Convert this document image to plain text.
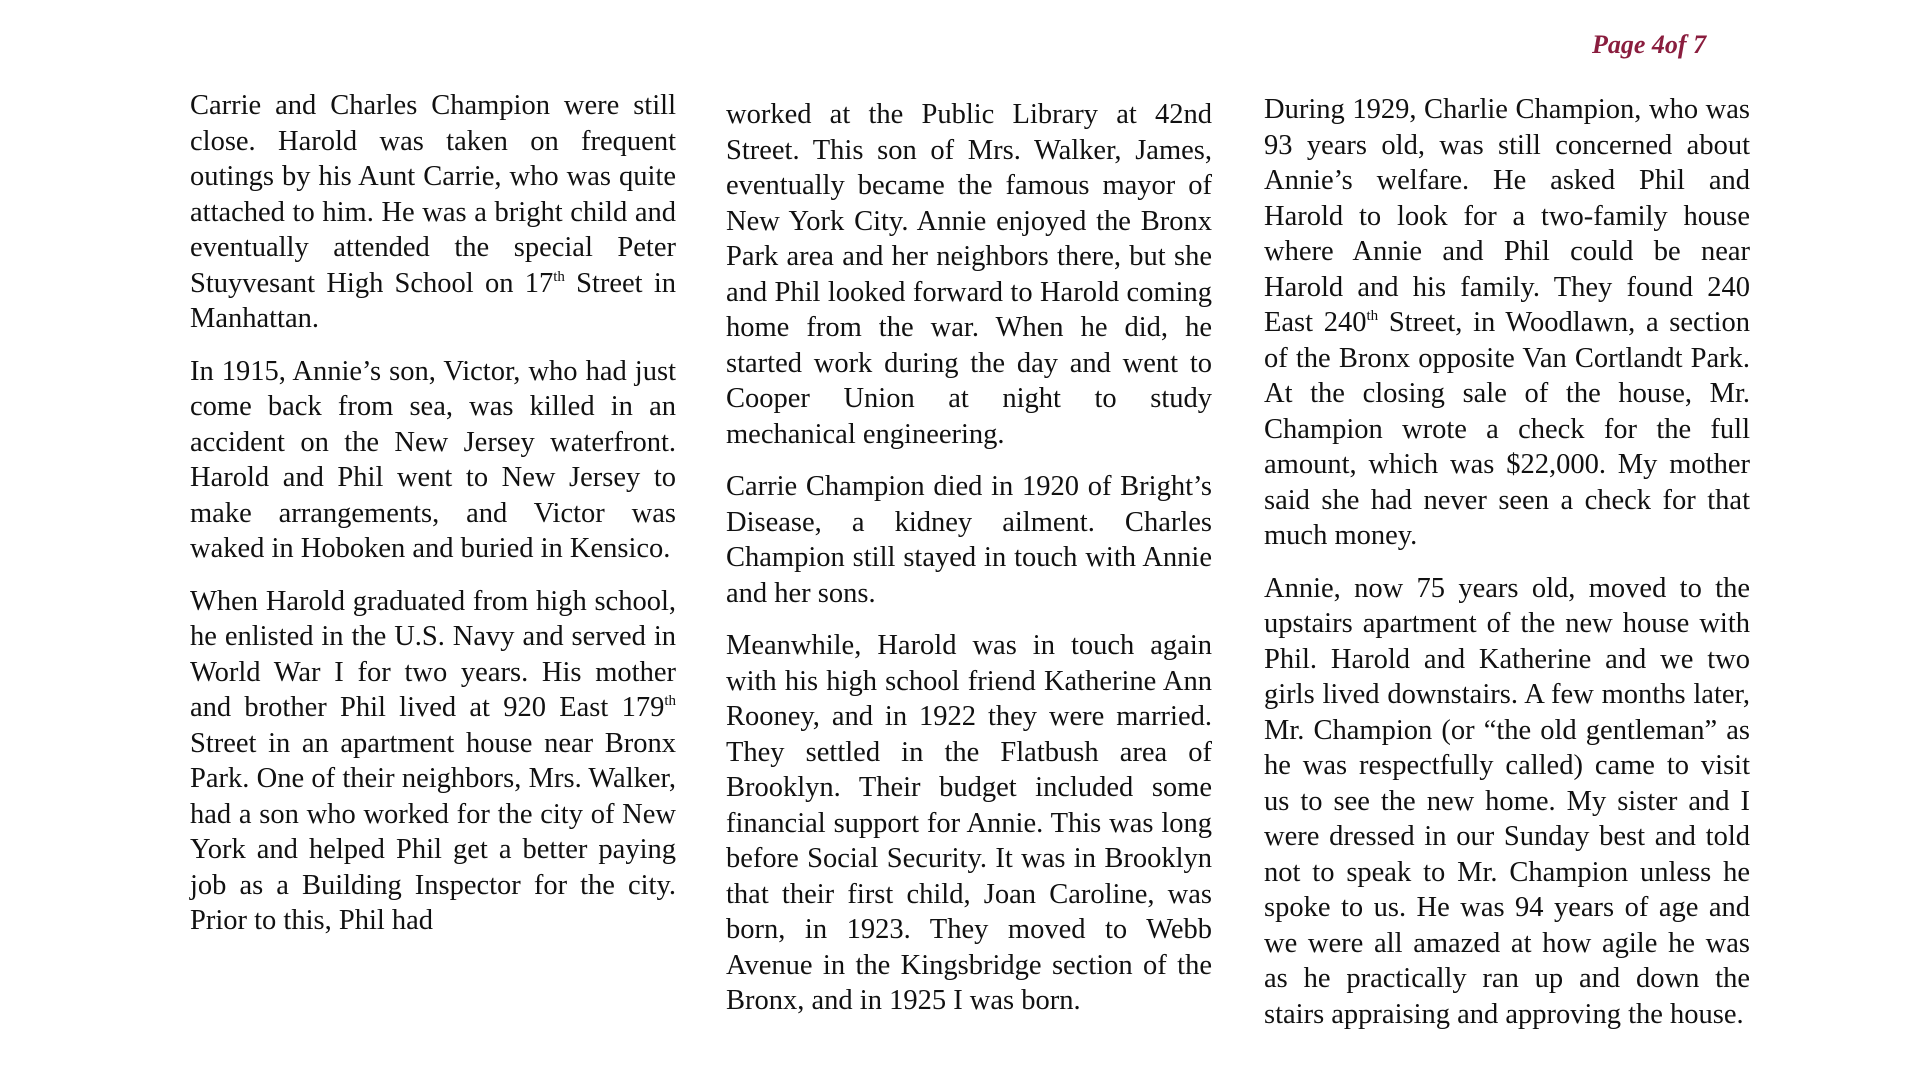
Page 4of 7

Carrie and Charles Champion were still close. Harold was taken on frequent outings by his Aunt Carrie, who was quite attached to him. He was a bright child and eventually attended the special Peter Stuyvesant High School on 17th Street in Manhattan.

In 1915, Annie’s son, Victor, who had just come back from sea, was killed in an accident on the New Jersey waterfront. Harold and Phil went to New Jersey to make arrangements, and Victor was waked in Hoboken and buried in Kensico.

When Harold graduated from high school, he enlisted in the U.S. Navy and served in World War I for two years. His mother and brother Phil lived at 920 East 179th Street in an apartment house near Bronx Park. One of their neighbors, Mrs. Walker, had a son who worked for the city of New York and helped Phil get a better paying job as a Building Inspector for the city. Prior to this, Phil had

worked at the Public Library at 42nd Street. This son of Mrs. Walker, James, eventually became the famous mayor of New York City. Annie enjoyed the Bronx Park area and her neighbors there, but she and Phil looked forward to Harold coming home from the war. When he did, he started work during the day and went to Cooper Union at night to study mechanical engineering.

Carrie Champion died in 1920 of Bright’s Disease, a kidney ailment. Charles Champion still stayed in touch with Annie and her sons.

Meanwhile, Harold was in touch again with his high school friend Katherine Ann Rooney, and in 1922 they were married. They settled in the Flatbush area of Brooklyn. Their budget included some financial support for Annie. This was long before Social Security. It was in Brooklyn that their first child, Joan Caroline, was born, in 1923. They moved to Webb Avenue in the Kingsbridge section of the Bronx, and in 1925 I was born.

During 1929, Charlie Champion, who was 93 years old, was still concerned about Annie’s welfare. He asked Phil and Harold to look for a two-family house where Annie and Phil could be near Harold and his family. They found 240 East 240th Street, in Woodlawn, a section of the Bronx opposite Van Cortlandt Park. At the closing sale of the house, Mr. Champion wrote a check for the full amount, which was $22,000. My mother said she had never seen a check for that much money.

Annie, now 75 years old, moved to the upstairs apartment of the new house with Phil. Harold and Katherine and we two girls lived downstairs. A few months later, Mr. Champion (or “the old gentleman” as he was respectfully called) came to visit us to see the new home. My sister and I were dressed in our Sunday best and told not to speak to Mr. Champion unless he spoke to us. He was 94 years of age and we were all amazed at how agile he was as he practically ran up and down the stairs appraising and approving the house.
